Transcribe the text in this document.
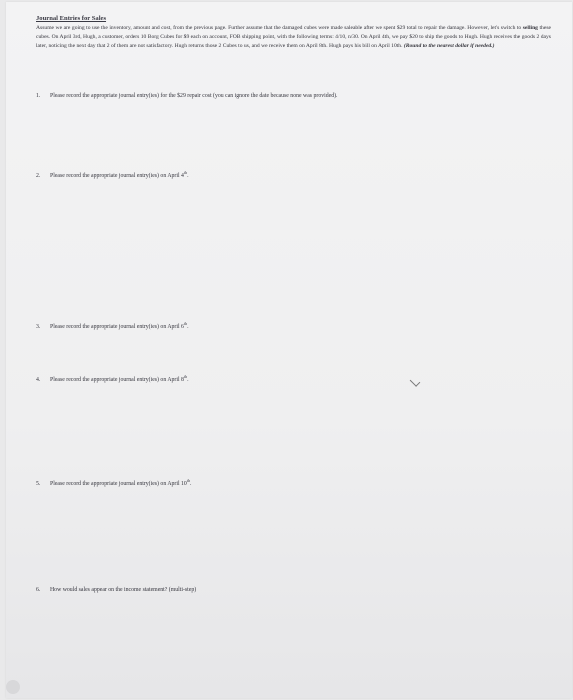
Journal Entries for Sales
Assume we are going to use the inventory, amount and cost, from the previous page. Further assume that the damaged cubes were made saleable after we spent $29 total to repair the damage. However, let's switch to selling these cubes. On April 3rd, Hugh, a customer, orders 10 Borg Cubes for $9 each on account, FOB shipping point, with the following terms: 4/10, n/30. On April 4th, we pay $20 to ship the goods to Hugh. Hugh receives the goods 2 days later, noticing the next day that 2 of them are not satisfactory. Hugh returns those 2 Cubes to us, and we receive them on April 8th. Hugh pays his bill on April 10th. (Round to the nearest dollar if needed.)
1. Please record the appropriate journal entry(ies) for the $29 repair cost (you can ignore the date because none was provided).
2. Please record the appropriate journal entry(ies) on April 4th.
3. Please record the appropriate journal entry(ies) on April 6th.
4. Please record the appropriate journal entry(ies) on April 8th.
5. Please record the appropriate journal entry(ies) on April 10th.
6. How would sales appear on the income statement? (multi-step)
